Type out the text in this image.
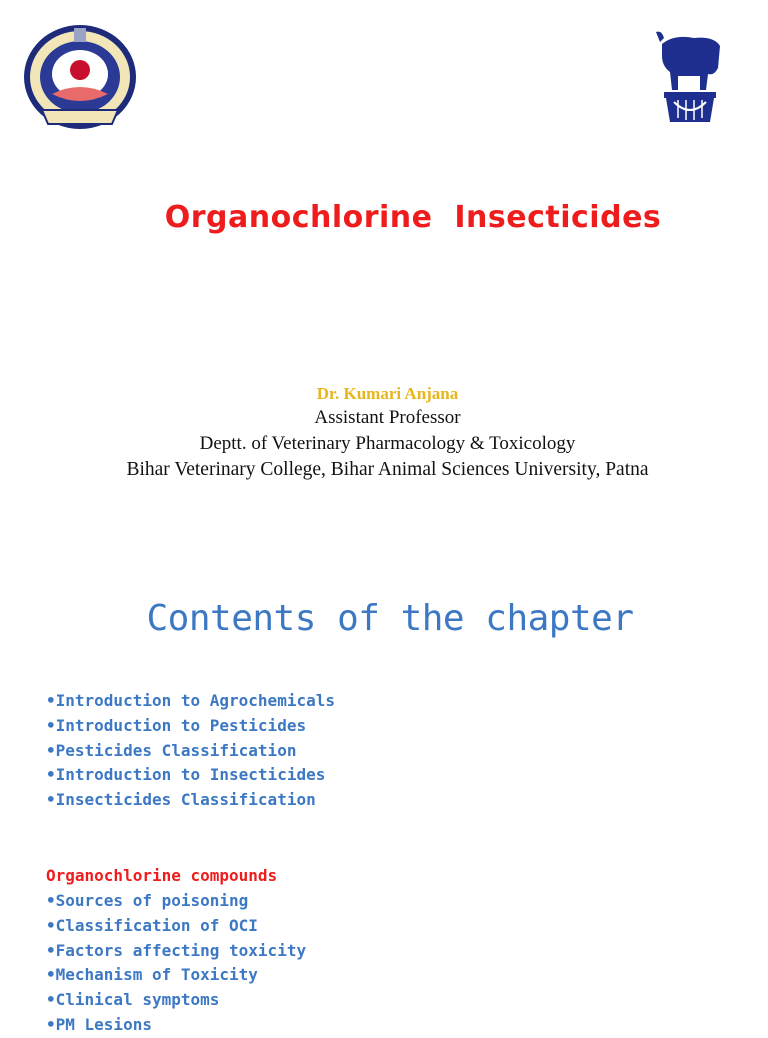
Organochlorine  Insecticides
Dr. Kumari Anjana
Assistant Professor
Deptt. of Veterinary Pharmacology & Toxicology
Bihar Veterinary College, Bihar Animal Sciences University, Patna
Contents of the chapter
•Introduction to Agrochemicals
•Introduction to Pesticides
•Pesticides Classification
•Introduction to Insecticides
•Insecticides Classification
Organochlorine compounds
•Sources of poisoning
•Classification of OCI
•Factors affecting toxicity
•Mechanism of Toxicity
•Clinical symptoms
•PM Lesions
